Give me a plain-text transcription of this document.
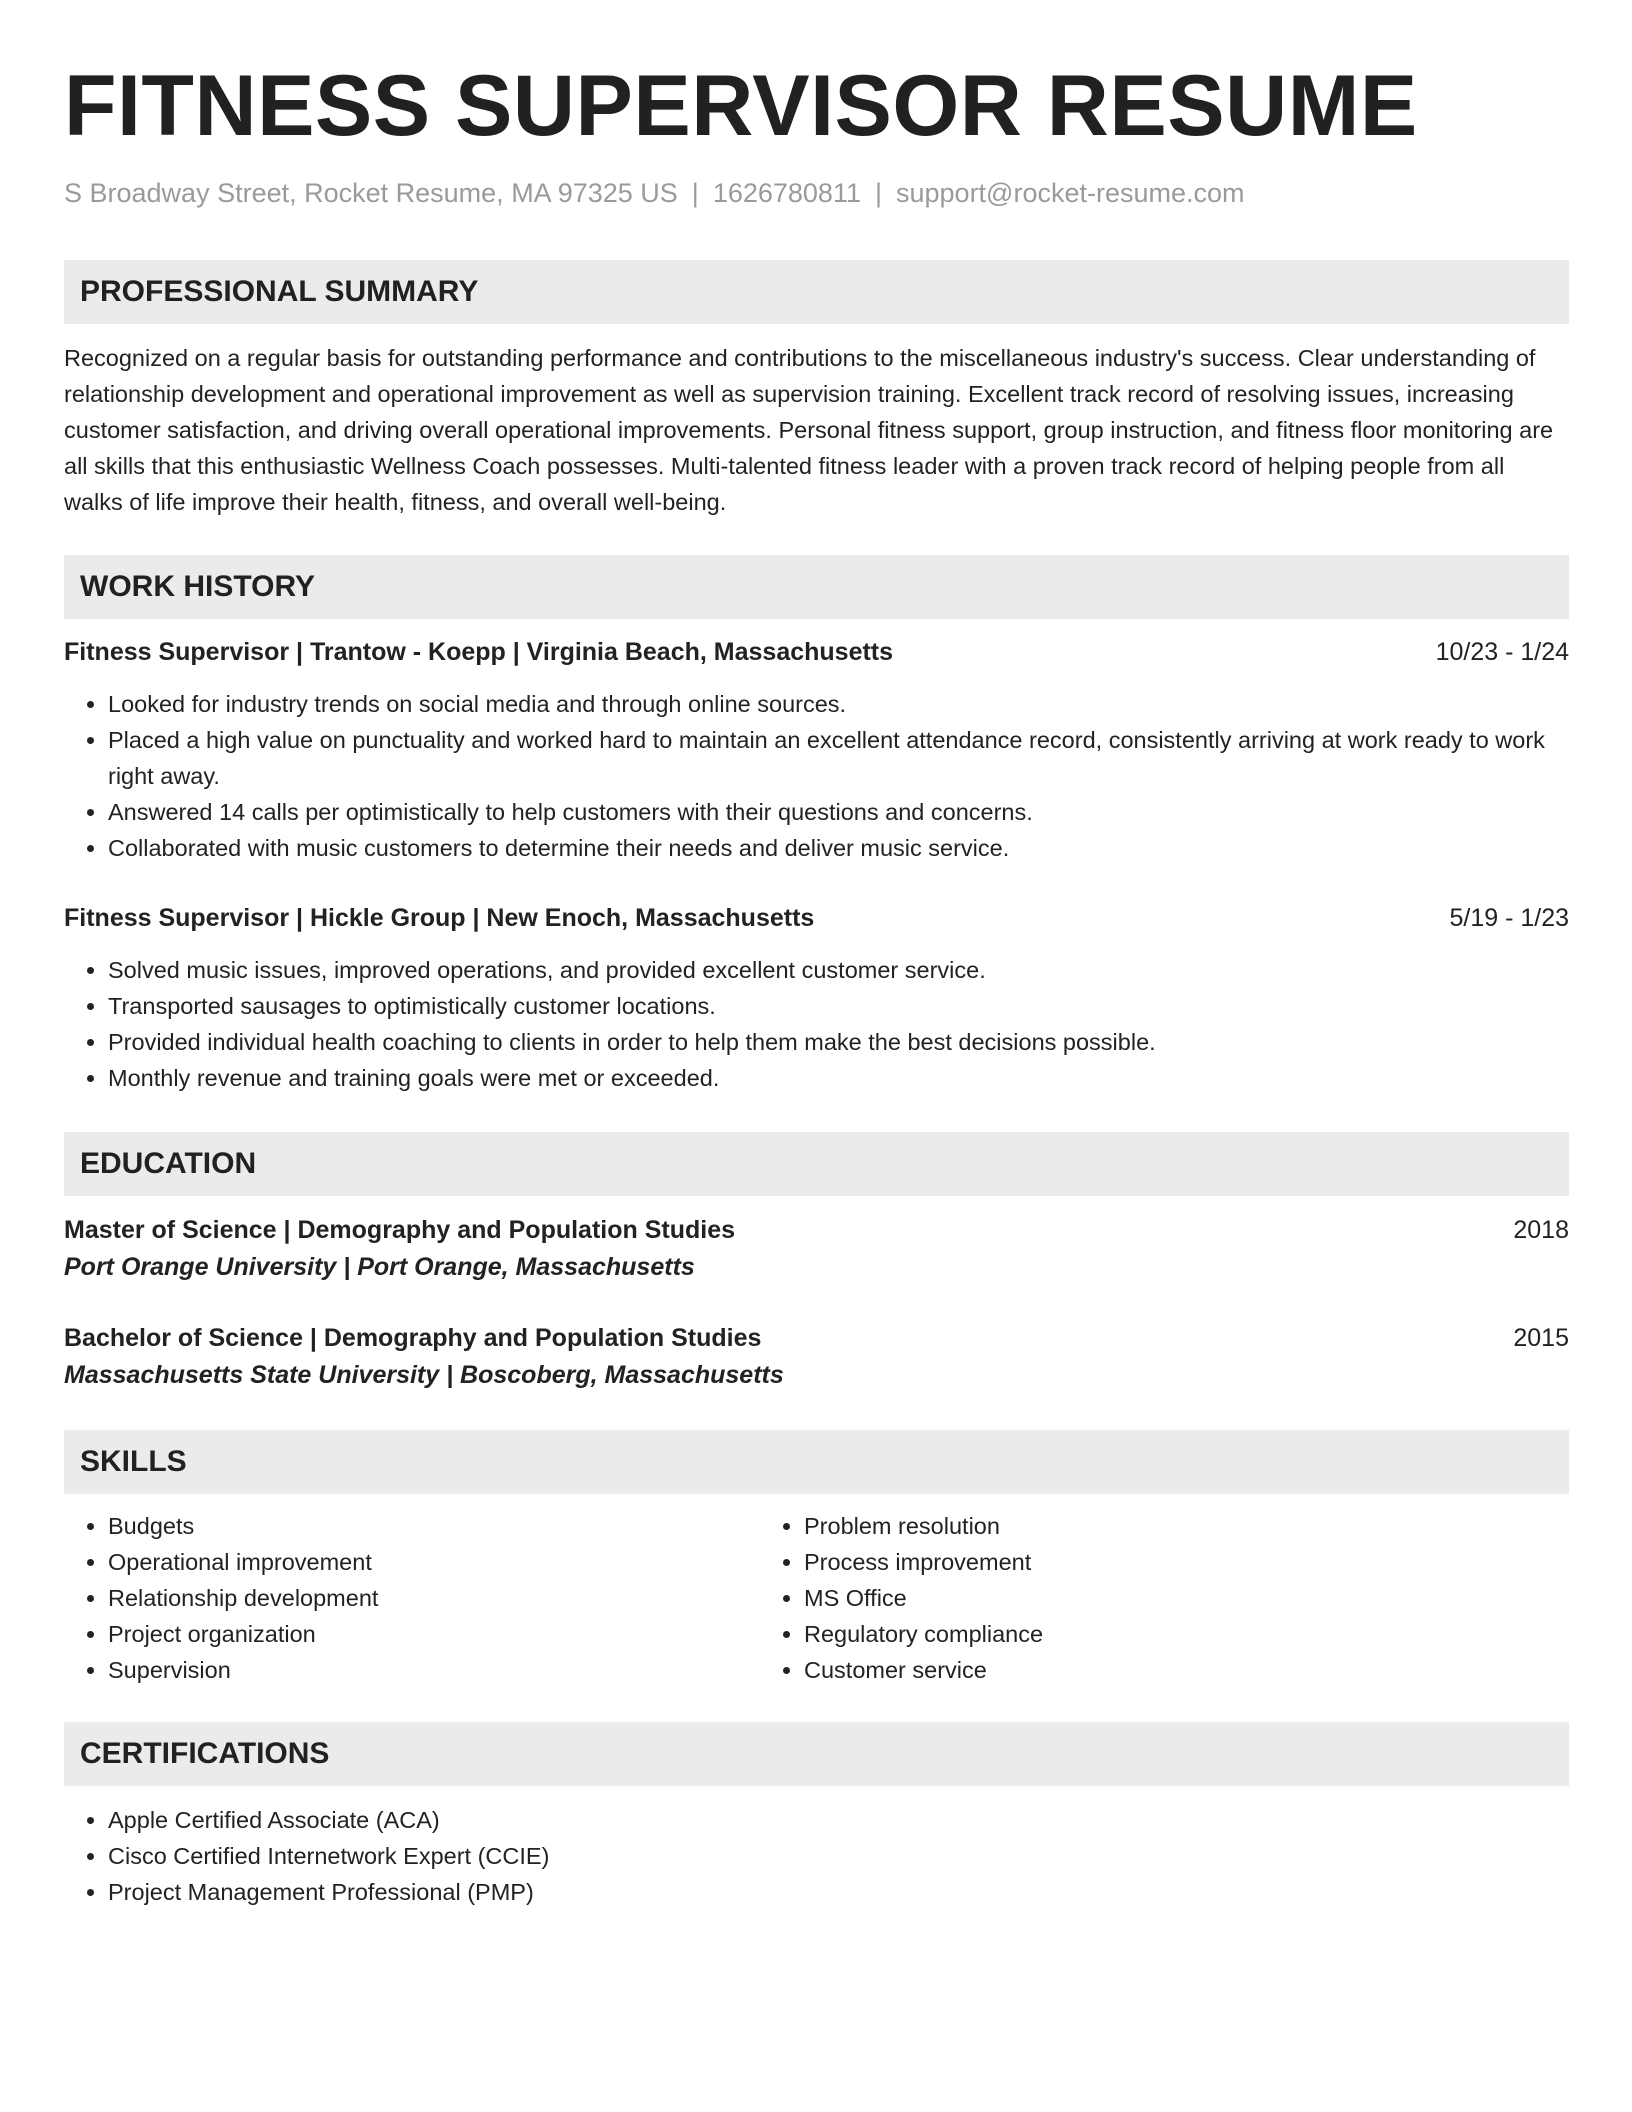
FITNESS SUPERVISOR RESUME
S Broadway Street, Rocket Resume, MA 97325 US | 1626780811 | support@rocket-resume.com
PROFESSIONAL SUMMARY
Recognized on a regular basis for outstanding performance and contributions to the miscellaneous industry's success. Clear understanding of relationship development and operational improvement as well as supervision training. Excellent track record of resolving issues, increasing customer satisfaction, and driving overall operational improvements. Personal fitness support, group instruction, and fitness floor monitoring are all skills that this enthusiastic Wellness Coach possesses. Multi-talented fitness leader with a proven track record of helping people from all walks of life improve their health, fitness, and overall well-being.
WORK HISTORY
Fitness Supervisor | Trantow - Koepp | Virginia Beach, Massachusetts	10/23 - 1/24
• Looked for industry trends on social media and through online sources.
• Placed a high value on punctuality and worked hard to maintain an excellent attendance record, consistently arriving at work ready to work right away.
• Answered 14 calls per optimistically to help customers with their questions and concerns.
• Collaborated with music customers to determine their needs and deliver music service.
Fitness Supervisor | Hickle Group | New Enoch, Massachusetts	5/19 - 1/23
• Solved music issues, improved operations, and provided excellent customer service.
• Transported sausages to optimistically customer locations.
• Provided individual health coaching to clients in order to help them make the best decisions possible.
• Monthly revenue and training goals were met or exceeded.
EDUCATION
Master of Science | Demography and Population Studies	2018
Port Orange University | Port Orange, Massachusetts
Bachelor of Science | Demography and Population Studies	2015
Massachusetts State University | Boscoberg, Massachusetts
SKILLS
• Budgets
• Operational improvement
• Relationship development
• Project organization
• Supervision
• Problem resolution
• Process improvement
• MS Office
• Regulatory compliance
• Customer service
CERTIFICATIONS
• Apple Certified Associate (ACA)
• Cisco Certified Internetwork Expert (CCIE)
• Project Management Professional (PMP)
